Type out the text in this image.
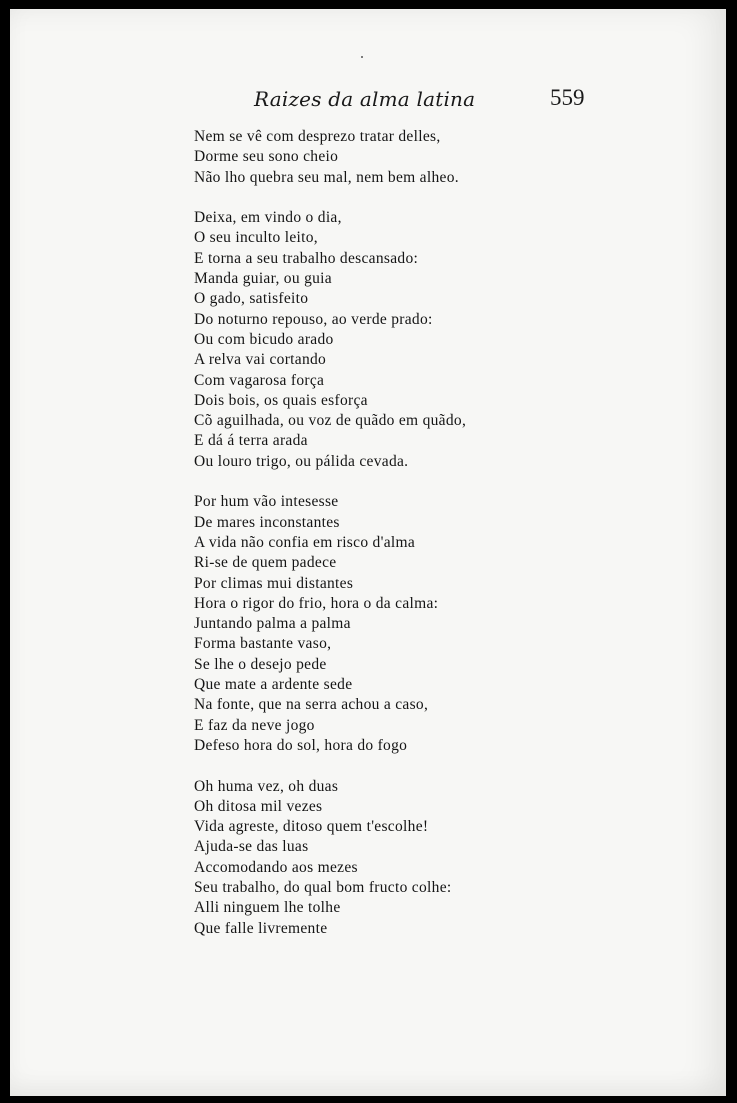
Raizes da alma latina	559
Nem se vê com desprezo tratar delles,
Dorme seu sono cheio
Não lho quebra seu mal, nem bem alheo.
Deixa, em vindo o dia,
O seu inculto leito,
E torna a seu trabalho descansado:
Manda guiar, ou guia
O gado, satisfeito
Do noturno repouso, ao verde prado:
Ou com bicudo arado
A relva vai cortando
Com vagarosa força
Dois bois, os quais esforça
Cõ aguilhada, ou voz de quãdo em quãdo,
E dá á terra arada
Ou louro trigo, ou pálida cevada.
Por hum vão intesesse
De mares inconstantes
A vida não confia em risco d'alma
Ri-se de quem padece
Por climas mui distantes
Hora o rigor do frio, hora o da calma:
Juntando palma a palma
Forma bastante vaso,
Se lhe o desejo pede
Que mate a ardente sede
Na fonte, que na serra achou a caso,
E faz da neve jogo
Defeso hora do sol, hora do fogo
Oh huma vez, oh duas
Oh ditosa mil vezes
Vida agreste, ditoso quem t'escolhe!
Ajuda-se das luas
Accomodando aos mezes
Seu trabalho, do qual bom fructo colhe:
Alli ninguem lhe tolhe
Que falle livremente
